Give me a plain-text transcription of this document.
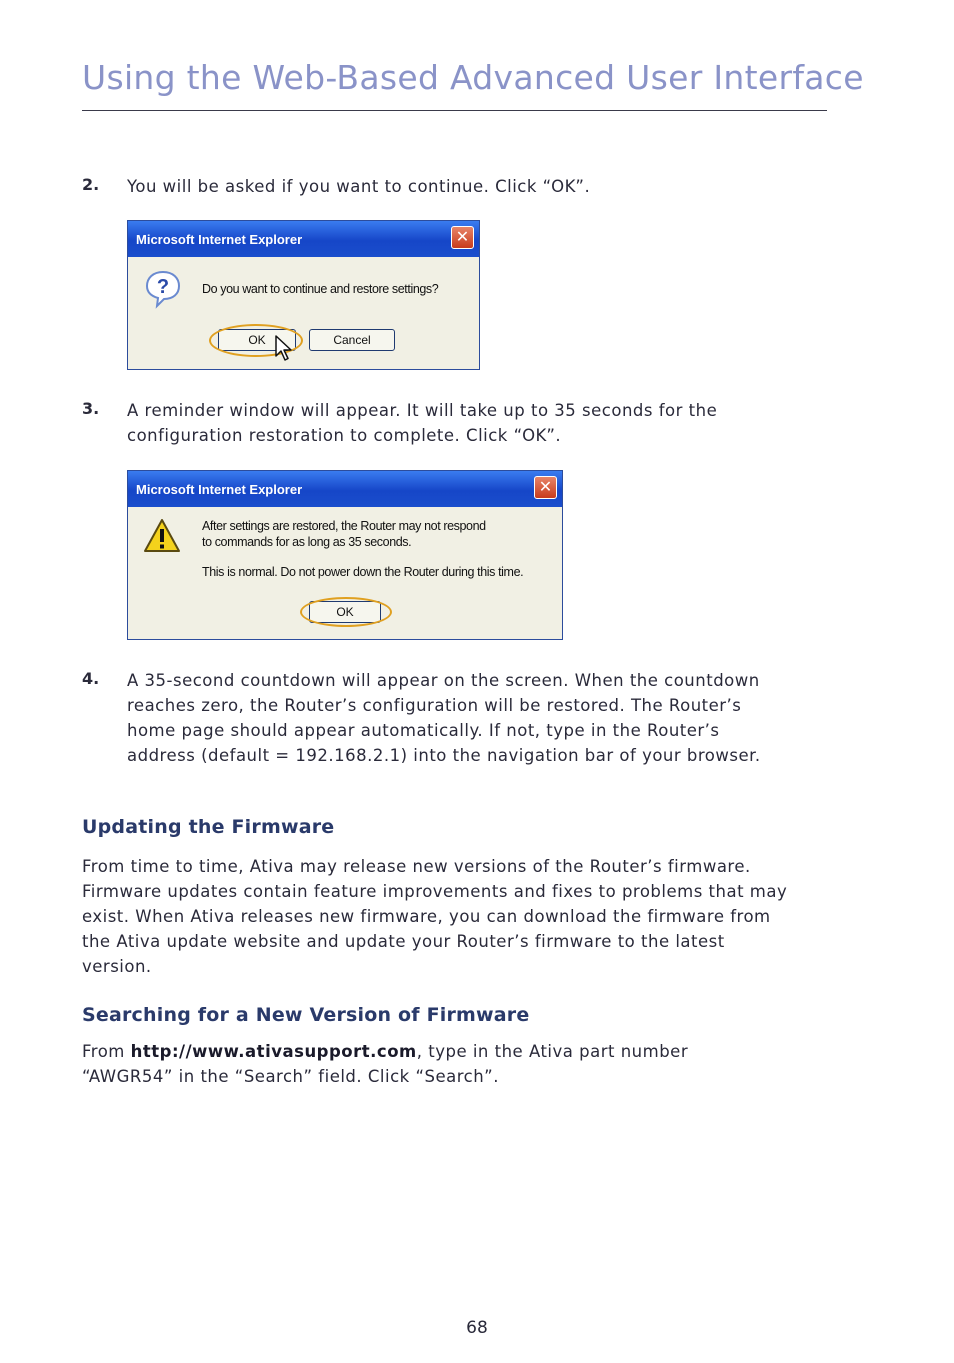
Using the Web-Based Advanced User Interface
2. You will be asked if you want to continue. Click “OK”.
Microsoft Internet Explorer	✕
?	Do you want to continue and restore settings?
OK	Cancel
3. A reminder window will appear. It will take up to 35 seconds for the configuration restoration to complete. Click “OK”.
Microsoft Internet Explorer	✕
After settings are restored, the Router may not respond
to commands for as long as 35 seconds.
This is normal. Do not power down the Router during this time.
OK
4. A 35-second countdown will appear on the screen. When the countdown reaches zero, the Router’s configuration will be restored. The Router’s home page should appear automatically. If not, type in the Router’s address (default = 192.168.2.1) into the navigation bar of your browser.
Updating the Firmware
From time to time, Ativa may release new versions of the Router’s firmware. Firmware updates contain feature improvements and fixes to problems that may exist. When Ativa releases new firmware, you can download the firmware from the Ativa update website and update your Router’s firmware to the latest version.
Searching for a New Version of Firmware
From http://www.ativasupport.com, type in the Ativa part number “AWGR54” in the “Search” field. Click “Search”.
68
